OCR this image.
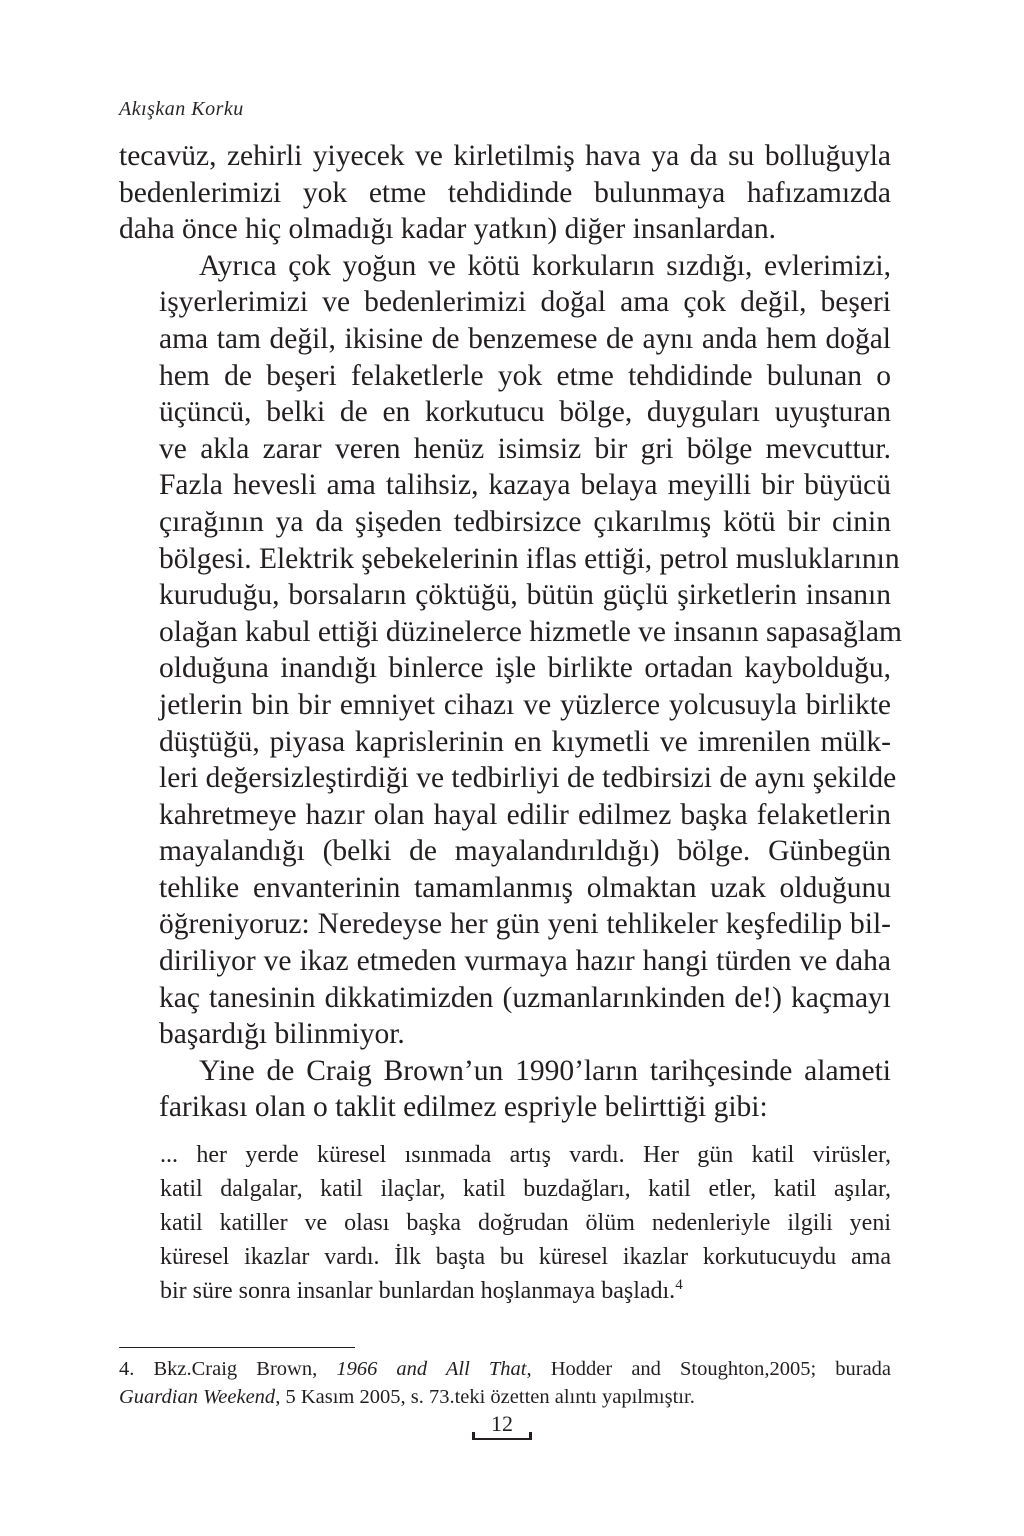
Akışkan Korku

tecavüz, zehirli yiyecek ve kirletilmiş hava ya da su bolluğuyla
bedenlerimizi yok etme tehdidinde bulunmaya hafızamızda
daha önce hiç olmadığı kadar yatkın) diğer insanlardan.

Ayrıca çok yoğun ve kötü korkuların sızdığı, evlerimizi,
işyerlerimizi ve bedenlerimizi doğal ama çok değil, beşeri
ama tam değil, ikisine de benzemese de aynı anda hem doğal
hem de beşeri felaketlerle yok etme tehdidinde bulunan o
üçüncü, belki de en korkutucu bölge, duyguları uyuşturan
ve akla zarar veren henüz isimsiz bir gri bölge mevcuttur.
Fazla hevesli ama talihsiz, kazaya belaya meyilli bir büyücü
çırağının ya da şişeden tedbirsizce çıkarılmış kötü bir cinin
bölgesi. Elektrik şebekelerinin iflas ettiği, petrol musluklarının
kuruduğu, borsaların çöktüğü, bütün güçlü şirketlerin insanın
olağan kabul ettiği düzinelerce hizmetle ve insanın sapasağlam
olduğuna inandığı binlerce işle birlikte ortadan kaybolduğu,
jetlerin bin bir emniyet cihazı ve yüzlerce yolcusuyla birlikte
düştüğü, piyasa kaprislerinin en kıymetli ve imrenilen mülk-
leri değersizleştirdiği ve tedbirliyi de tedbirsizi de aynı şekilde
kahretmeye hazır olan hayal edilir edilmez başka felaketlerin
mayalandığı (belki de mayalandırıldığı) bölge. Günbegün
tehlike envanterinin tamamlanmış olmaktan uzak olduğunu
öğreniyoruz: Neredeyse her gün yeni tehlikeler keşfedilip bil-
diriliyor ve ikaz etmeden vurmaya hazır hangi türden ve daha
kaç tanesinin dikkatimizden (uzmanlarınkinden de!) kaçmayı
başardığı bilinmiyor.

Yine de Craig Brown’un 1990’ların tarihçesinde alameti
farikası olan o taklit edilmez espriyle belirttiği gibi:

... her yerde küresel ısınmada artış vardı. Her gün katil virüsler,
katil dalgalar, katil ilaçlar, katil buzdağları, katil etler, katil aşılar,
katil katiller ve olası başka doğrudan ölüm nedenleriyle ilgili yeni
küresel ikazlar vardı. İlk başta bu küresel ikazlar korkutucuydu ama
bir süre sonra insanlar bunlardan hoşlanmaya başladı.$^4$
4. Bkz.Craig Brown, 1966 and All That, Hodder and Stoughton,2005; burada
Guardian Weekend, 5 Kasım 2005, s. 73.teki özetten alıntı yapılmıştır.
12
